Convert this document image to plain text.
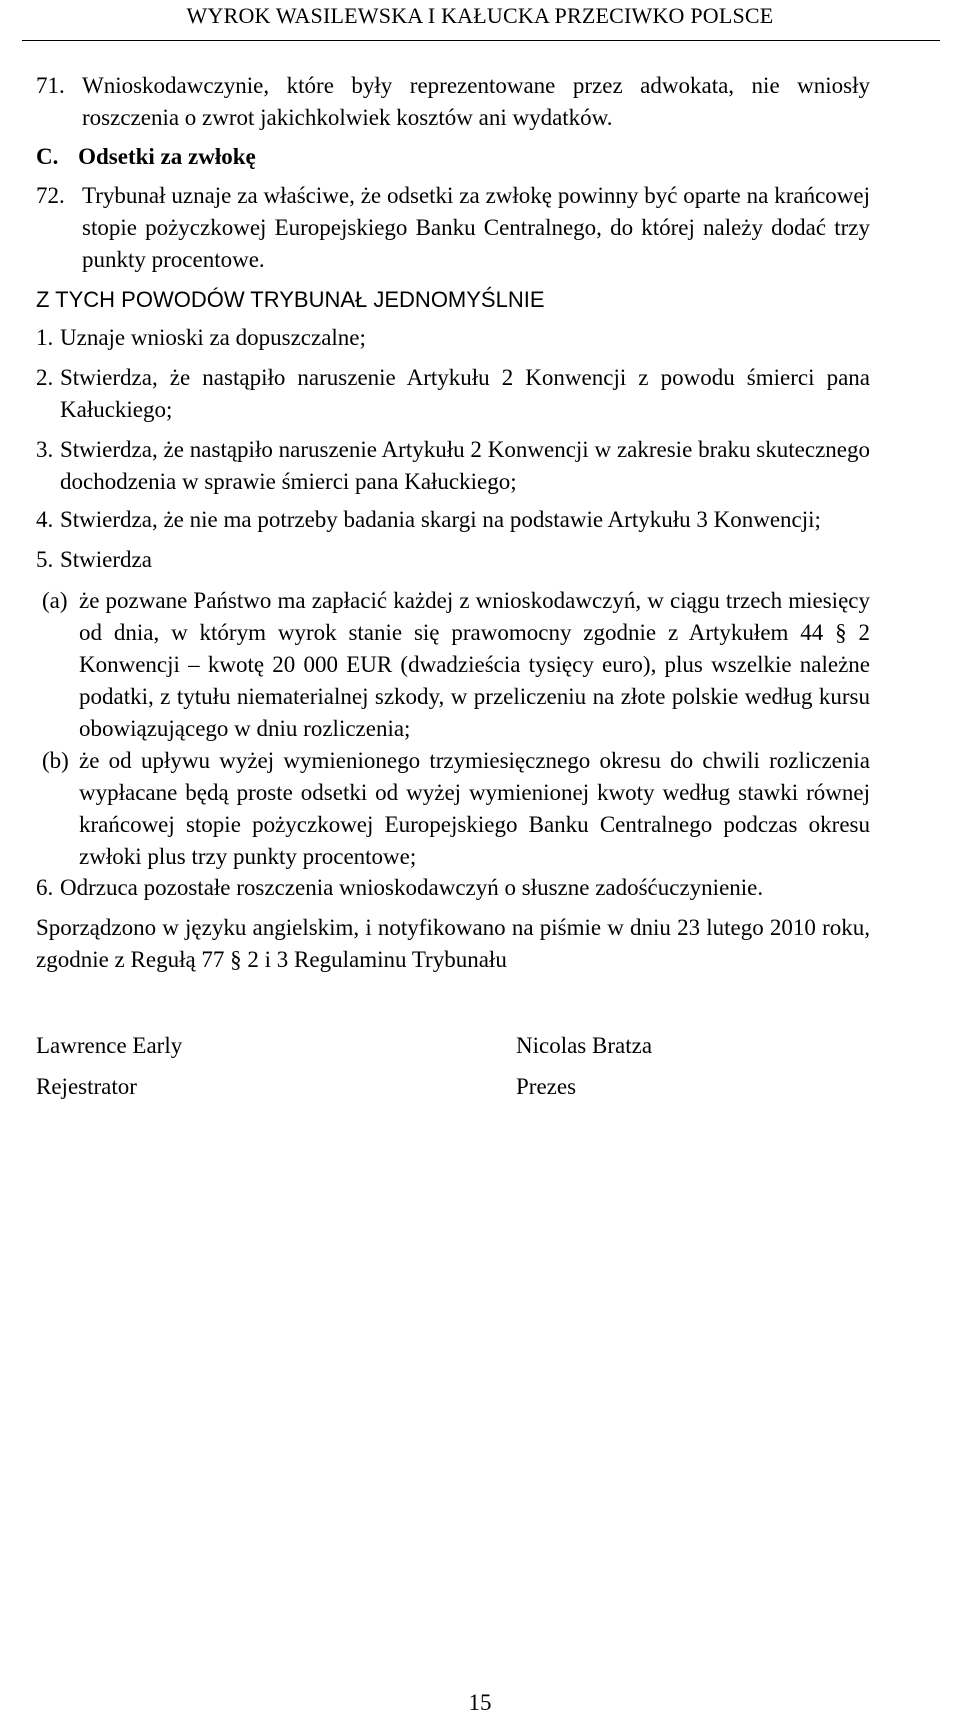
WYROK WASILEWSKA I KAŁUCKA PRZECIWKO POLSCE
71. Wnioskodawczynie, które były reprezentowane przez adwokata, nie wniosły roszczenia o zwrot jakichkolwiek kosztów ani wydatków.
C. Odsetki za zwłokę
72. Trybunał uznaje za właściwe, że odsetki za zwłokę powinny być oparte na krańcowej stopie pożyczkowej Europejskiego Banku Centralnego, do której należy dodać trzy punkty procentowe.
Z TYCH POWODÓW TRYBUNAŁ JEDNOMYŚLNIE
1. Uznaje wnioski za dopuszczalne;
2. Stwierdza, że nastąpiło naruszenie Artykułu 2 Konwencji z powodu śmierci pana Kałuckiego;
3. Stwierdza, że nastąpiło naruszenie Artykułu 2 Konwencji w zakresie braku skutecznego dochodzenia w sprawie śmierci pana Kałuckiego;
4. Stwierdza, że nie ma potrzeby badania skargi na podstawie Artykułu 3 Konwencji;
5. Stwierdza
(a) że pozwane Państwo ma zapłacić każdej z wnioskodawczyń, w ciągu trzech miesięcy od dnia, w którym wyrok stanie się prawomocny zgodnie z Artykułem 44 § 2 Konwencji – kwotę 20 000 EUR (dwadzieścia tysięcy euro), plus wszelkie należne podatki, z tytułu niematerialnej szkody, w przeliczeniu na złote polskie według kursu obowiązującego w dniu rozliczenia;
(b) że od upływu wyżej wymienionego trzymiesięcznego okresu do chwili rozliczenia wypłacane będą proste odsetki od wyżej wymienionej kwoty według stawki równej krańcowej stopie pożyczkowej Europejskiego Banku Centralnego podczas okresu zwłoki plus trzy punkty procentowe;
6. Odrzuca pozostałe roszczenia wnioskodawczyń o słuszne zadośćuczynienie.
Sporządzono w języku angielskim, i notyfikowano na piśmie w dniu 23 lutego 2010 roku, zgodnie z Regułą 77 § 2 i 3 Regulaminu Trybunału
Lawrence Early
Rejestrator
Nicolas Bratza
Prezes
15
